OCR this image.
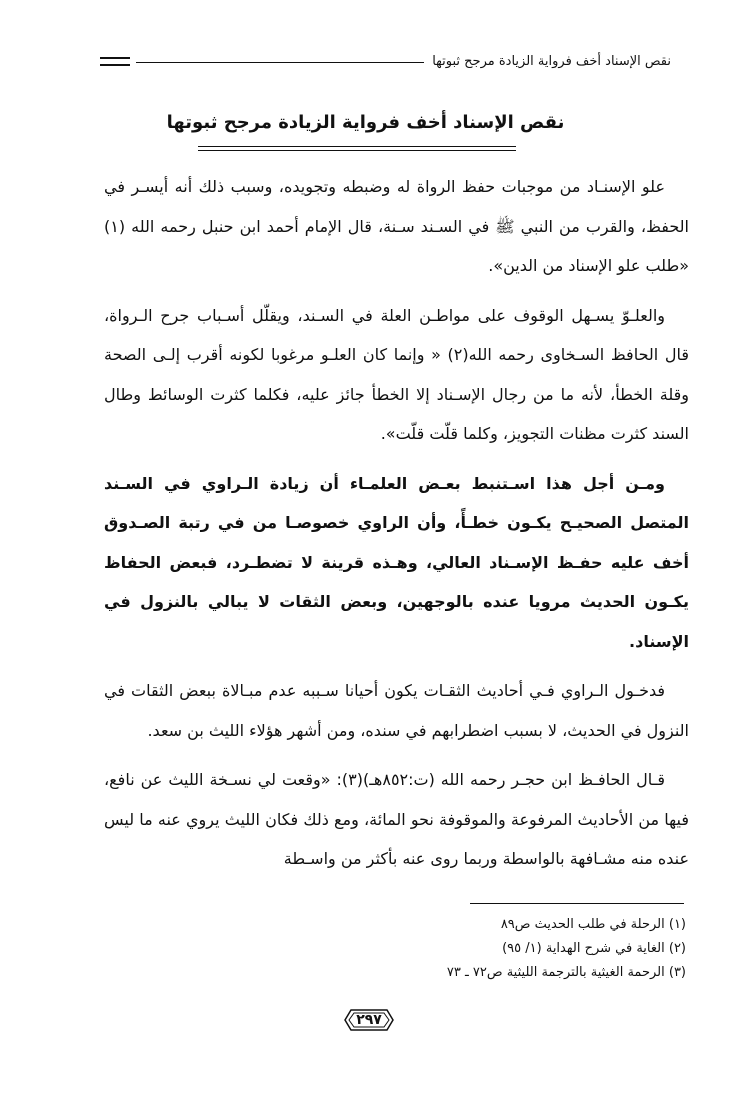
نقص الإسناد أخف فرواية الزيادة مرجح ثبوتها
نقص الإسناد أخف فرواية الزيادة مرجح ثبوتها

علو الإسنـاد من موجبات حفظ الرواة له وضبطه وتجويده، وسبب ذلك أنه أيسـر في الحفظ، والقرب من النبي ﷺ في السـند سـنة، قال الإمام أحمد ابن حنبل رحمه الله (١) «طلب علو الإسناد من الدين».

والعلـوّ يسـهل الوقوف على مواطـن العلة في السـند، ويقلّل أسـباب جرح الـرواة، قال الحافظ السـخاوى رحمه الله(٢) « وإنما كان العلـو مرغوبا لكونه أقرب إلـى الصحة وقلة الخطأ، لأنه ما من رجال الإسـناد إلا الخطأ جائز عليه، فكلما كثرت الوسائط وطال السند كثرت مظنات التجويز، وكلما قلّت قلّت».

ومـن أجل هذا اسـتنبط بعـض العلمـاء أن زيادة الـراوي في السـند المتصل الصحيـح يكـون خطـأً، وأن الراوي خصوصـا من في رتبة الصـدوق أخف عليه حفـظ الإسـناد العالي، وهـذه قرينة لا تضطـرد، فبعض الحفاظ يكـون الحديث مرويا عنده بالوجهين، وبعض الثقات لا يبالي بالنزول في الإسناد.

فدخـول الـراوي فـي أحاديث الثقـات يكون أحيانا سـببه عدم مبـالاة ببعض الثقات في النزول في الحديث، لا بسبب اضطرابهم في سنده، ومن أشهر هؤلاء الليث بن سعد.

قـال الحافـظ ابن حجـر رحمه الله (ت:٨٥٢هـ)(٣): «وقعت لي نسـخة الليث عن نافع، فيها من الأحاديث المرفوعة والموقوفة نحو المائة، ومع ذلك فكان الليث يروي عنه ما ليس عنده منه مشـافهة بالواسطة وربما روى عنه بأكثر من واسـطة

(١) الرحلة في طلب الحديث ص٨٩
(٢) الغاية في شرح الهداية (١/ ٩٥)
(٣) الرحمة الغيثية بالترجمة الليثية ص٧٢ ـ ٧٣
٢٩٧
